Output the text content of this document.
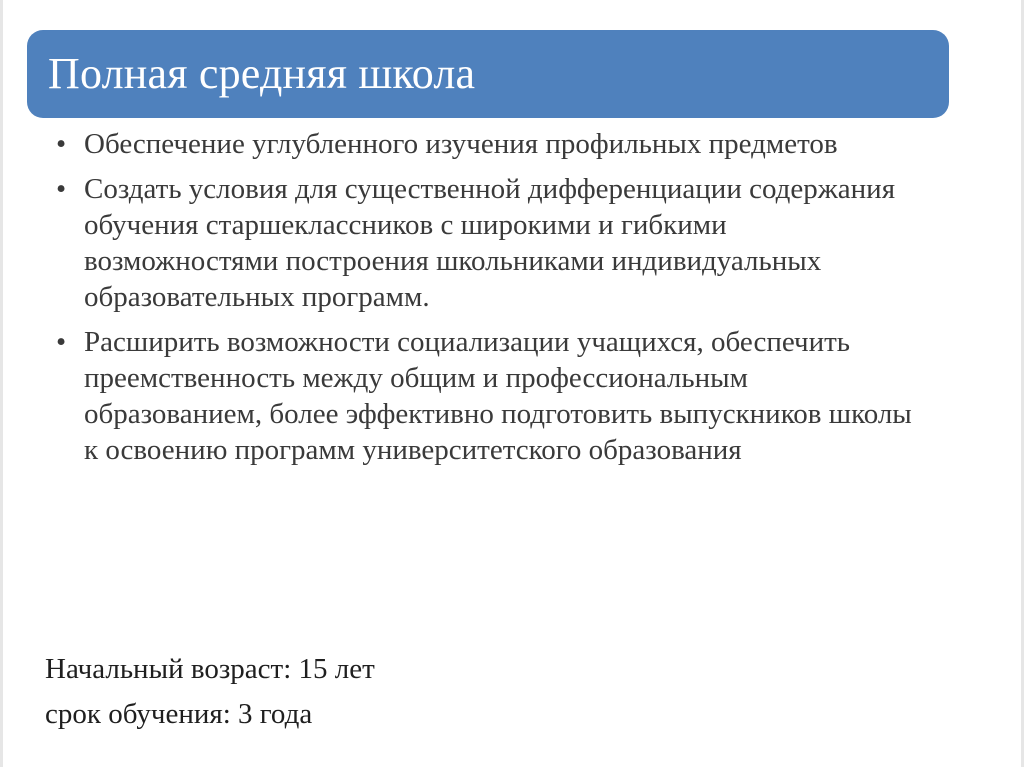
Полная средняя школа
• Обеспечение углубленного изучения профильных предметов
• Создать условия для существенной дифференциации содержания обучения старшеклассников с широкими и гибкими возможностями построения школьниками индивидуальных образовательных программ.
• Расширить возможности социализации учащихся, обеспечить преемственность между общим и профессиональным образованием, более эффективно подготовить выпускников школы к освоению программ университетского образования
Начальный возраст: 15 лет
срок обучения: 3 года
